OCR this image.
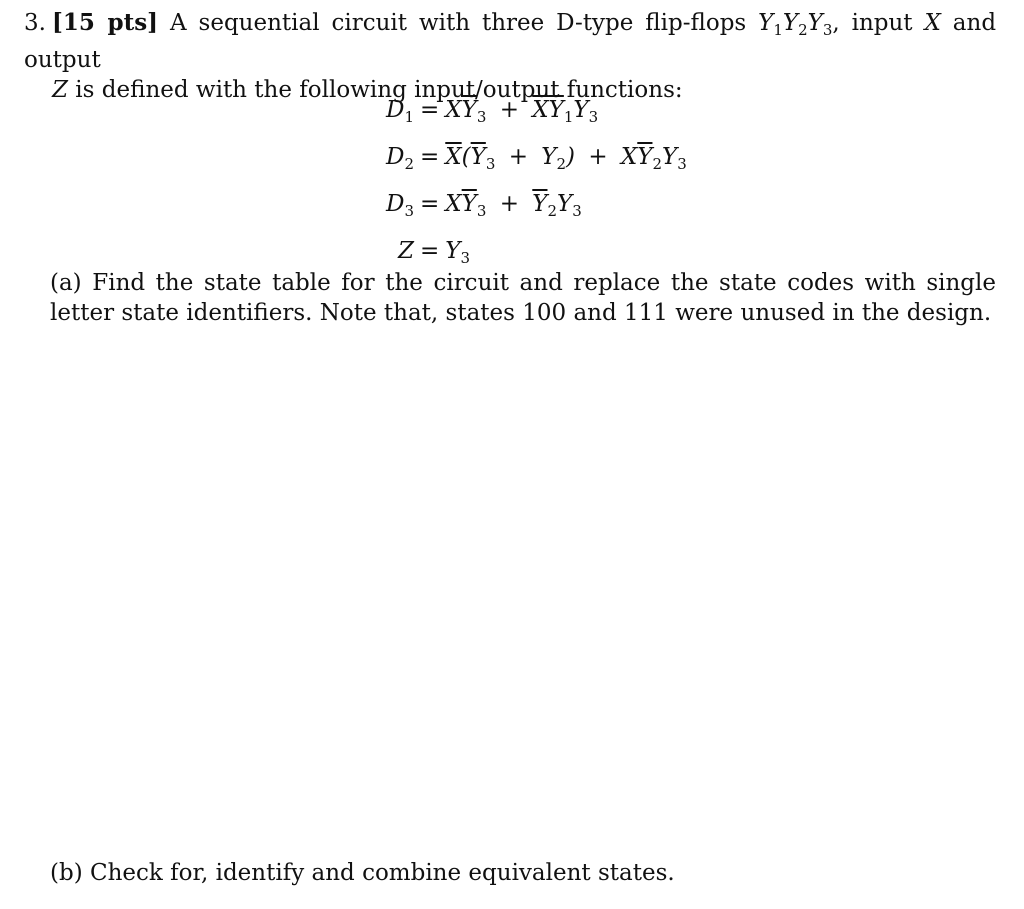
3. [15 pts] A sequential circuit with three D-type flip-flops $Y_1Y_2Y_3$, input X and output
Z is defined with the following input/output functions:
$D_1 = X\overline{Y}_3 + \overline{X}\overline{Y}_1Y_3$
$D_2 = \overline{X}(\overline{Y}_3 + Y_2) + X\overline{Y}_2Y_3$
$D_3 = X\overline{Y}_3 + \overline{Y}_2Y_3$
$Z = Y_3$
(a) Find the state table for the circuit and replace the state codes with single letter state identifiers. Note that, states 100 and 111 were unused in the design.
(b) Check for, identify and combine equivalent states.
